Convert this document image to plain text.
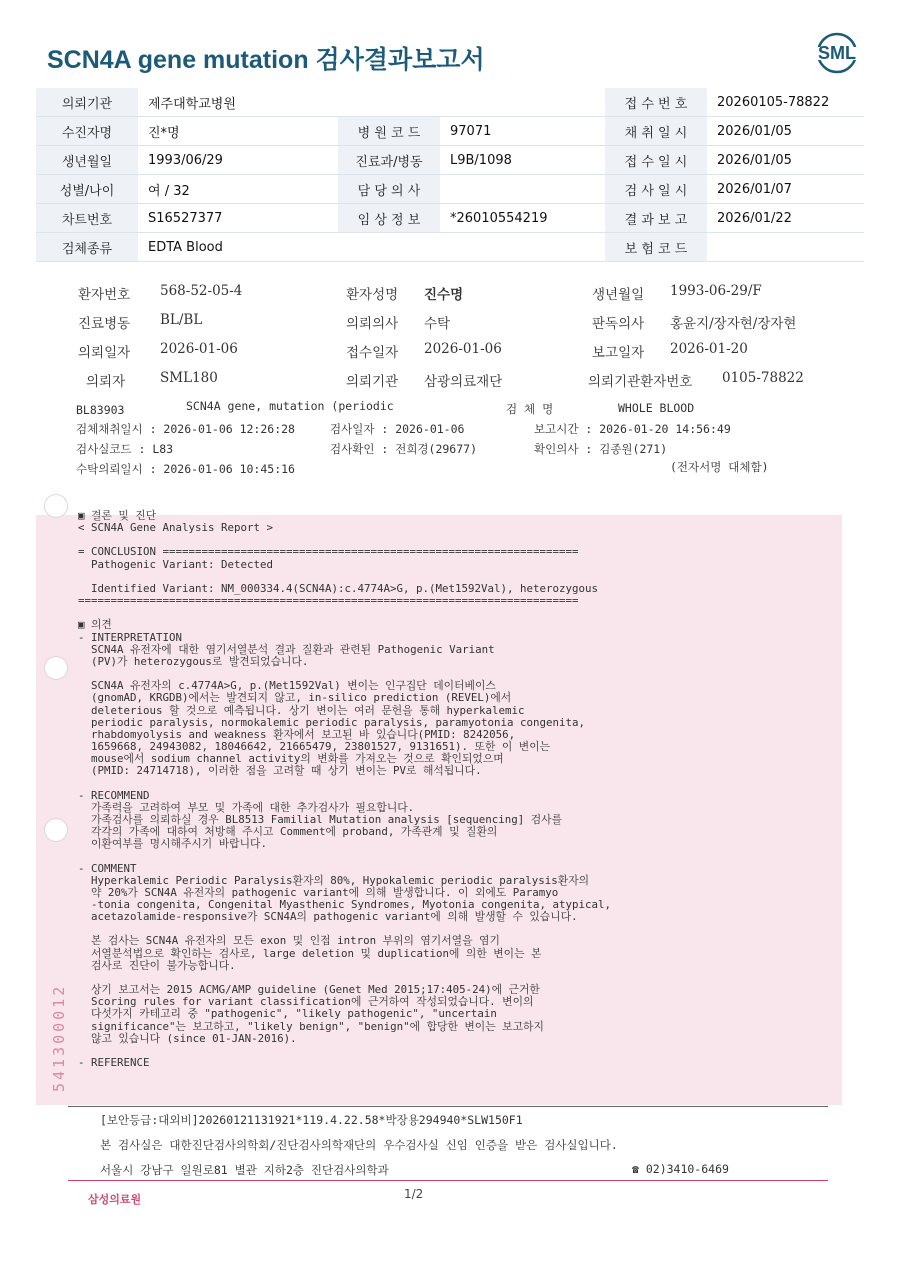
SCN4A gene mutation 검사결과보고서	SML
의뢰기관	제주대학교병원			접 수 번 호	20260105-78822
수진자명	진*명	병 원 코 드	97071	채 취 일 시	2026/01/05
생년월일	1993/06/29	진료과/병동	L9B/1098	접 수 일 시	2026/01/05
성별/나이	여 / 32	담 당 의 사		검 사 일 시	2026/01/07
차트번호	S16527377	임 상 정 보	*26010554219	결 과 보 고	2026/01/22
검체종류	EDTA Blood			보 험 코 드	
환자번호 568-52-05-4	환자성명 진수명	생년월일 1993-06-29/F
진료병동 BL/BL	의뢰의사 수탁	판독의사 홍윤지/장자현/장자현
의뢰일자 2026-01-06	접수일자 2026-01-06	보고일자 2026-01-20
의뢰자	SML180	의뢰기관 삼광의료재단	의뢰기관환자번호 0105-78822
BL83903	SCN4A gene, mutation (periodic	검 체 명	WHOLE BLOOD
검체채취일시 : 2026-01-06 12:26:28	검사일자 : 2026-01-06	보고시간 : 2026-01-20 14:56:49
검사실코드 : L83	검사확인 : 전희경(29677)	확인의사 : 김종원(271)
수탁의뢰일시 : 2026-01-06 10:45:16	(전자서명 대체함)
▣ 결론 및 진단
< SCN4A Gene Analysis Report >

= CONCLUSION ================================================================
Pathogenic Variant: Detected

Identified Variant: NM_000334.4(SCN4A):c.4774A>G, p.(Met1592Val), heterozygous
=============================================================================

▣ 의견
- INTERPRETATION
SCN4A 유전자에 대한 염기서열분석 결과 질환과 관련된 Pathogenic Variant
(PV)가 heterozygous로 발견되었습니다.

SCN4A 유전자의 c.4774A>G, p.(Met1592Val) 변이는 인구집단 데이터베이스
(gnomAD, KRGDB)에서는 발견되지 않고, in-silico prediction (REVEL)에서
deleterious 할 것으로 예측됩니다. 상기 변이는 여러 문헌을 통해 hyperkalemic
periodic paralysis, normokalemic periodic paralysis, paramyotonia congenita,
rhabdomyolysis and weakness 환자에서 보고된 바 있습니다(PMID: 8242056,
1659668, 24943082, 18046642, 21665479, 23801527, 9131651). 또한 이 변이는
mouse에서 sodium channel activity의 변화를 가져오는 것으로 확인되었으며
(PMID: 24714718), 이러한 점을 고려할 때 상기 변이는 PV로 해석됩니다.

- RECOMMEND
가족력을 고려하여 부모 및 가족에 대한 추가검사가 필요합니다.
가족검사를 의뢰하실 경우 BL8513 Familial Mutation analysis [sequencing] 검사를
각각의 가족에 대하여 처방해 주시고 Comment에 proband, 가족관계 및 질환의
이환여부를 명시해주시기 바랍니다.

- COMMENT
Hyperkalemic Periodic Paralysis환자의 80%, Hypokalemic periodic paralysis환자의
약 20%가 SCN4A 유전자의 pathogenic variant에 의해 발생합니다. 이 외에도 Paramyo
-tonia congenita, Congenital Myasthenic Syndromes, Myotonia congenita, atypical,
acetazolamide-responsive가 SCN4A의 pathogenic variant에 의해 발생할 수 있습니다.

본 검사는 SCN4A 유전자의 모든 exon 및 인접 intron 부위의 염기서열을 염기
서열분석법으로 확인하는 검사로, large deletion 및 duplication에 의한 변이는 본
검사로 진단이 불가능합니다.

상기 보고서는 2015 ACMG/AMP guideline (Genet Med 2015;17:405-24)에 근거한
Scoring rules for variant classification에 근거하여 작성되었습니다. 변이의
다섯가지 카테고리 중 "pathogenic", "likely pathogenic", "uncertain
significance"는 보고하고, "likely benign", "benign"에 합당한 변이는 보고하지
않고 있습니다 (since 01-JAN-2016).

- REFERENCE
541300012
[보안등급:대외비]20260121131921*119.4.22.58*박장용294940*SLW150F1
본 검사실은 대한진단검사의학회/진단검사의학재단의 우수검사실 신임 인증을 받은 검사실입니다.
서울시 강남구 일원로81 별관 지하2층 진단검사의학과	☎ 02)3410-6469
삼성의료원	1/2
